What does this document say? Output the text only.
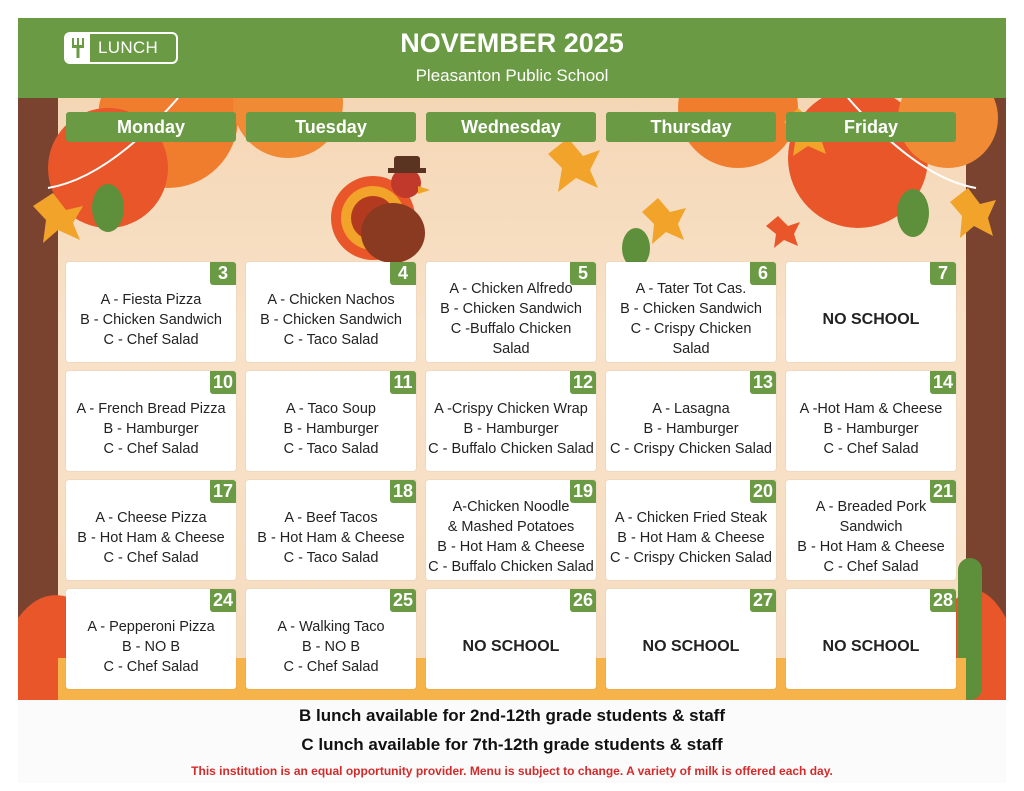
LUNCH	NOVEMBER 2025
Pleasanton Public School
Monday	Tuesday	Wednesday	Thursday	Friday
3
A - Fiesta Pizza
B - Chicken Sandwich
C - Chef Salad
4
A - Chicken Nachos
B - Chicken Sandwich
C - Taco Salad
5
A - Chicken Alfredo
B - Chicken Sandwich
C -Buffalo Chicken
Salad
6
A - Tater Tot Cas.
B - Chicken Sandwich
C - Crispy Chicken
Salad
7
NO SCHOOL
10
A - French Bread Pizza
B - Hamburger
C - Chef Salad
11
A - Taco Soup
B - Hamburger
C - Taco Salad
12
A -Crispy Chicken Wrap
B - Hamburger
C - Buffalo Chicken Salad
13
A - Lasagna
B - Hamburger
C - Crispy Chicken Salad
14
A -Hot Ham & Cheese
B - Hamburger
C - Chef Salad
17
A - Cheese Pizza
B - Hot Ham & Cheese
C - Chef Salad
18
A - Beef Tacos
B - Hot Ham & Cheese
C - Taco Salad
19
A-Chicken Noodle
& Mashed Potatoes
B - Hot Ham & Cheese
C - Buffalo Chicken Salad
20
A - Chicken Fried Steak
B - Hot Ham & Cheese
C - Crispy Chicken Salad
21
A - Breaded Pork
Sandwich
B - Hot Ham & Cheese
C - Chef Salad
24
A - Pepperoni Pizza
B - NO B
C - Chef Salad
25
A - Walking Taco
B - NO B
C - Chef Salad
26
NO SCHOOL
27
NO SCHOOL
28
NO SCHOOL
B lunch available for 2nd-12th grade students & staff
C lunch available for 7th-12th grade students & staff
This institution is an equal opportunity provider. Menu is subject to change. A variety of milk is offered each day.
